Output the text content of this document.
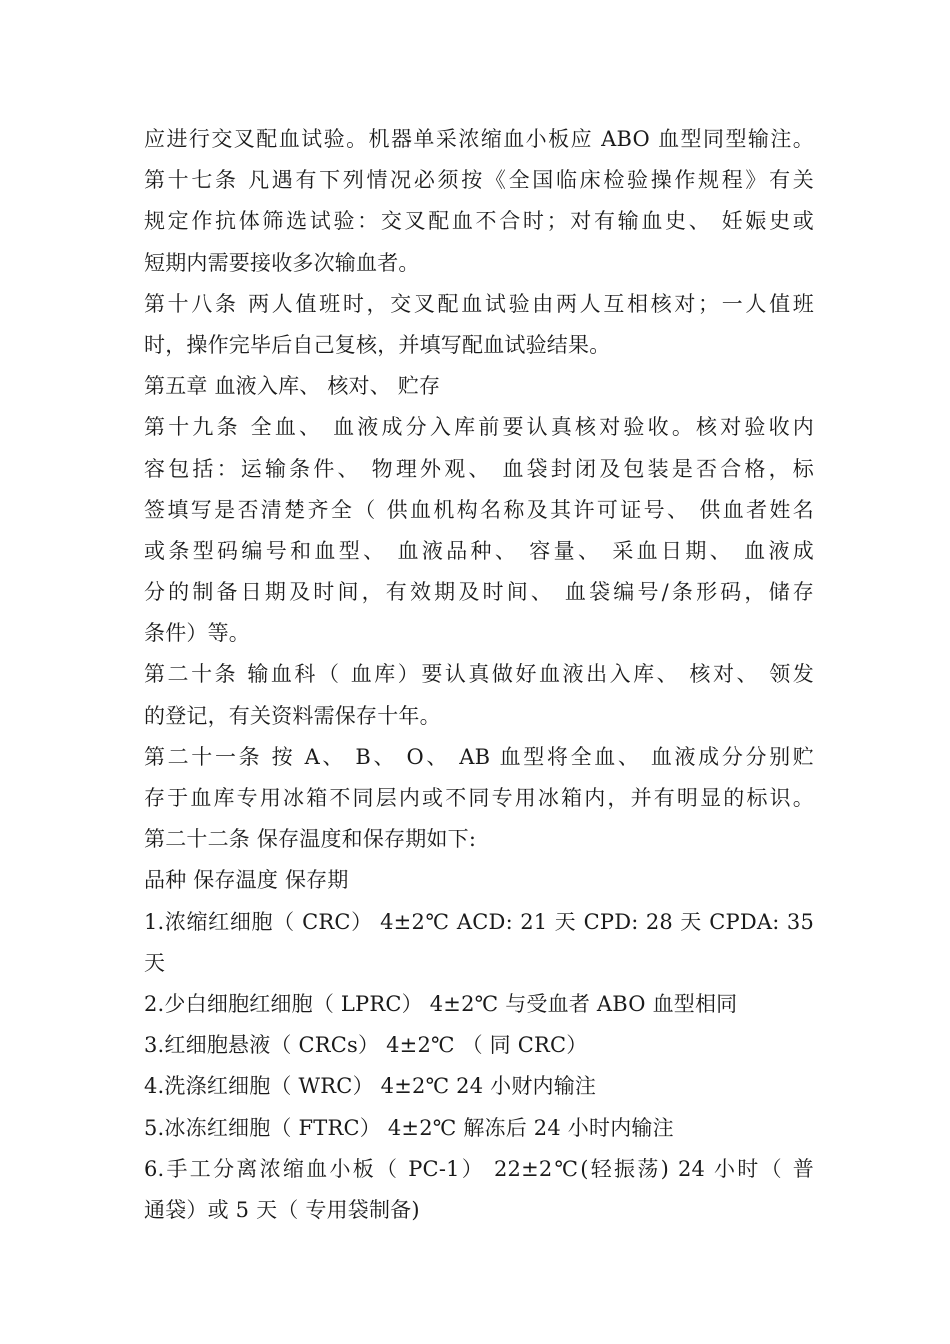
应进行交叉配血试验。机器单采浓缩血小板应 ABO 血型同型输注。
第十七条 凡遇有下列情况必须按《全国临床检验操作规程》有关
规定作抗体筛选试验：交叉配血不合时；对有输血史、 妊娠史或
短期内需要接收多次输血者。
第十八条 两人值班时，交叉配血试验由两人互相核对；一人值班
时，操作完毕后自己复核，并填写配血试验结果。
第五章 血液入库、 核对、 贮存
第十九条 全血、 血液成分入库前要认真核对验收。核对验收内
容包括：运输条件、 物理外观、 血袋封闭及包装是否合格，标
签填写是否清楚齐全（ 供血机构名称及其许可证号、 供血者姓名
或条型码编号和血型、 血液品种、 容量、 采血日期、 血液成
分的制备日期及时间，有效期及时间、 血袋编号/条形码，储存
条件）等。
第二十条 输血科（ 血库）要认真做好血液出入库、 核对、 领发
的登记，有关资料需保存十年。
第二十一条 按 A、 B、 O、 AB 血型将全血、 血液成分分别贮
存于血库专用冰箱不同层内或不同专用冰箱内，并有明显的标识。
第二十二条 保存温度和保存期如下:
品种 保存温度 保存期
1.浓缩红细胞（ CRC） 4±2℃ ACD: 21 天 CPD: 28 天 CPDA: 35
天
2.少白细胞红细胞（ LPRC） 4±2℃ 与受血者 ABO 血型相同
3.红细胞悬液（ CRCs） 4±2℃ （ 同 CRC）
4.洗涤红细胞（ WRC） 4±2℃ 24 小财内输注
5.冰冻红细胞（ FTRC） 4±2℃ 解冻后 24 小时内输注
6.手工分离浓缩血小板（ PC-1） 22±2℃(轻振荡) 24 小时（ 普
通袋）或 5 天（ 专用袋制备)
